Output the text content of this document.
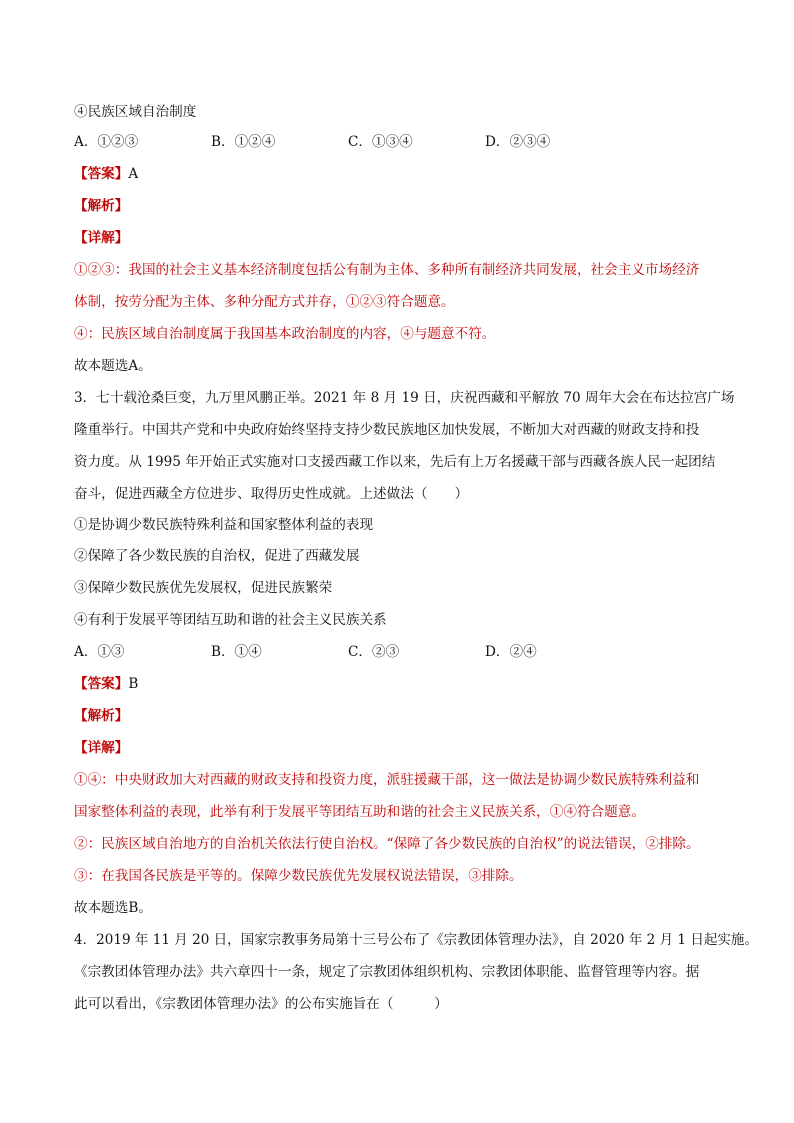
④民族区域自治制度
A．①②③	B．①②④	C．①③④	D．②③④
【答案】A
【解析】
【详解】
①②③：我国的社会主义基本经济制度包括公有制为主体、多种所有制经济共同发展，社会主义市场经济
体制，按劳分配为主体、多种分配方式并存，①②③符合题意。
④：民族区域自治制度属于我国基本政治制度的内容，④与题意不符。
故本题选A。
3．七十载沧桑巨变，九万里风鹏正举。2021 年 8 月 19 日，庆祝西藏和平解放 70 周年大会在布达拉宫广场
隆重举行。中国共产党和中央政府始终坚持支持少数民族地区加快发展，不断加大对西藏的财政支持和投
资力度。从 1995 年开始正式实施对口支援西藏工作以来，先后有上万名援藏干部与西藏各族人民一起团结
奋斗，促进西藏全方位进步、取得历史性成就。上述做法（　　）
①是协调少数民族特殊利益和国家整体利益的表现
②保障了各少数民族的自治权，促进了西藏发展
③保障少数民族优先发展权，促进民族繁荣
④有利于发展平等团结互助和谐的社会主义民族关系
A．①③	B．①④	C．②③	D．②④
【答案】B
【解析】
【详解】
①④：中央财政加大对西藏的财政支持和投资力度，派驻援藏干部，这一做法是协调少数民族特殊利益和
国家整体利益的表现，此举有利于发展平等团结互助和谐的社会主义民族关系，①④符合题意。
②：民族区域自治地方的自治机关依法行使自治权。“保障了各少数民族的自治权”的说法错误，②排除。
③：在我国各民族是平等的。保障少数民族优先发展权说法错误，③排除。
故本题选B。
4．2019 年 11 月 20 日，国家宗教事务局第十三号公布了《宗教团体管理办法》，自 2020 年 2 月 1 日起实施。
《宗教团体管理办法》共六章四十一条，规定了宗教团体组织机构、宗教团体职能、监督管理等内容。据
此可以看出，《宗教团体管理办法》的公布实施旨在（　　　）
